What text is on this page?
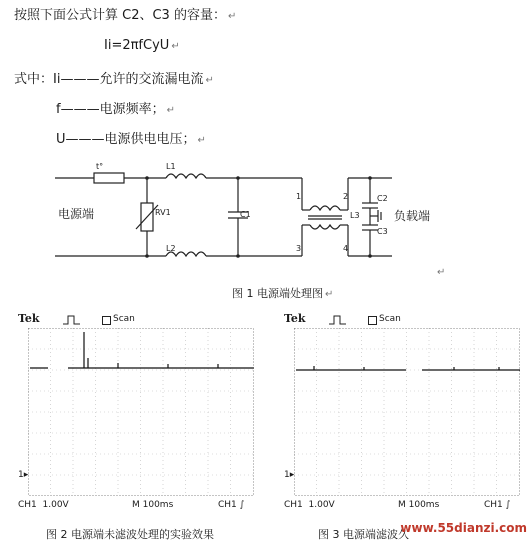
按照下面公式计算 C2、C3 的容量： ↵
Ii=2πfCyU ↵
式中：Ii———允许的交流漏电流 ↵
f———电源频率； ↵
U———电源供电电压； ↵
t°	L1
L2
RV1	C1	L3
C2
C3
1	2
3	4
电源端	负载端
↵
图 1 电源端处理图 ↵
Tek	Scan
1▸
CH1 1.00V	M 100ms	CH1 ∫
图 2 电源端未滤波处理的实验效果
Tek	Scan
1▸
CH1 1.00V	M 100ms	CH1 ∫
图 3 电源端滤波久
www.55dianzi.com
